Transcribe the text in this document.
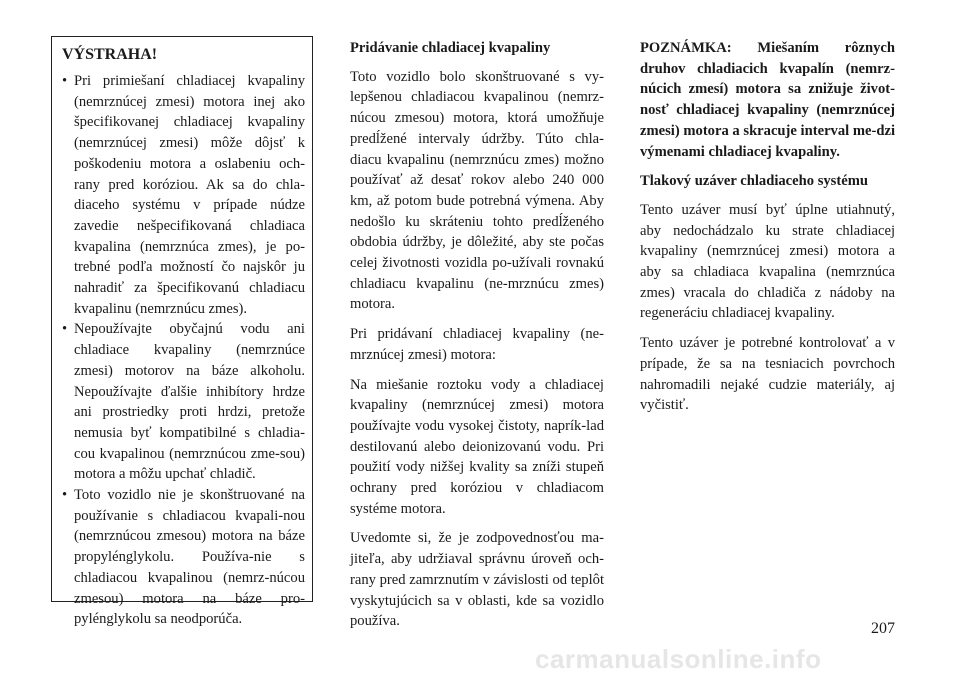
VÝSTRAHA!
• Pri primiešaní chladiacej kvapaliny (nemrznúcej zmesi) motora inej ako špecifikovanej chladiacej kvapaliny (nemrznúcej zmesi) môže dôjsť k poškodeniu motora a oslabeniu och-rany pred koróziou. Ak sa do chla-diaceho systému v prípade núdze zavedie nešpecifikovaná chladiaca kvapalina (nemrznúca zmes), je po-trebné podľa možností čo najskôr ju nahradiť za špecifikovanú chladiacu kvapalinu (nemrznúcu zmes).
• Nepoužívajte obyčajnú vodu ani chladiace kvapaliny (nemrznúce zmesi) motorov na báze alkoholu. Nepoužívajte ďalšie inhibítory hrdze ani prostriedky proti hrdzi, pretože nemusia byť kompatibilné s chladia-cou kvapalinou (nemrznúcou zme-sou) motora a môžu upchať chladič.
• Toto vozidlo nie je skonštruované na používanie s chladiacou kvapali-nou (nemrznúcou zmesou) motora na báze propylénglykolu. Používa-nie s chladiacou kvapalinou (nemrz-núcou zmesou) motora na báze pro-pylénglykolu sa neodporúča.
Pridávanie chladiacej kvapaliny

Toto vozidlo bolo skonštruované s vy-lepšenou chladiacou kvapalinou (nemrz-núcou zmesou) motora, ktorá umožňuje predĺžené intervaly údržby. Túto chla-diacu kvapalinu (nemrznúcu zmes) možno používať až desať rokov alebo 240 000 km, až potom bude potrebná výmena. Aby nedošlo ku skráteniu tohto predĺženého obdobia údržby, je dôležité, aby ste počas celej životnosti vozidla po-užívali rovnakú chladiacu kvapalinu (ne-mrznúcu zmes) motora.

Pri pridávaní chladiacej kvapaliny (ne-mrznúcej zmesi) motora:

Na miešanie roztoku vody a chladiacej kvapaliny (nemrznúcej zmesi) motora používajte vodu vysokej čistoty, naprík-lad destilovanú alebo deionizovanú vodu. Pri použití vody nižšej kvality sa zníži stupeň ochrany pred koróziou v chladiacom systéme motora.

Uvedomte si, že je zodpovednosťou ma-jiteľa, aby udržiaval správnu úroveň och-rany pred zamrznutím v závislosti od teplôt vyskytujúcich sa v oblasti, kde sa vozidlo používa.

POZNÁMKA: Miešaním rôznych druhov chladiacich kvapalín (nemrz-núcich zmesí) motora sa znižuje život-nosť chladiacej kvapaliny (nemrznúcej zmesi) motora a skracuje interval me-dzi výmenami chladiacej kvapaliny.

Tlakový uzáver chladiaceho systému

Tento uzáver musí byť úplne utiahnutý, aby nedochádzalo ku strate chladiacej kvapaliny (nemrznúcej zmesi) motora a aby sa chladiaca kvapalina (nemrznúca zmes) vracala do chladiča z nádoby na regeneráciu chladiacej kvapaliny.

Tento uzáver je potrebné kontrolovať a v prípade, že sa na tesniacich povrchoch nahromadili nejaké cudzie materiály, aj vyčistiť.

207
carmanualsonline.info
